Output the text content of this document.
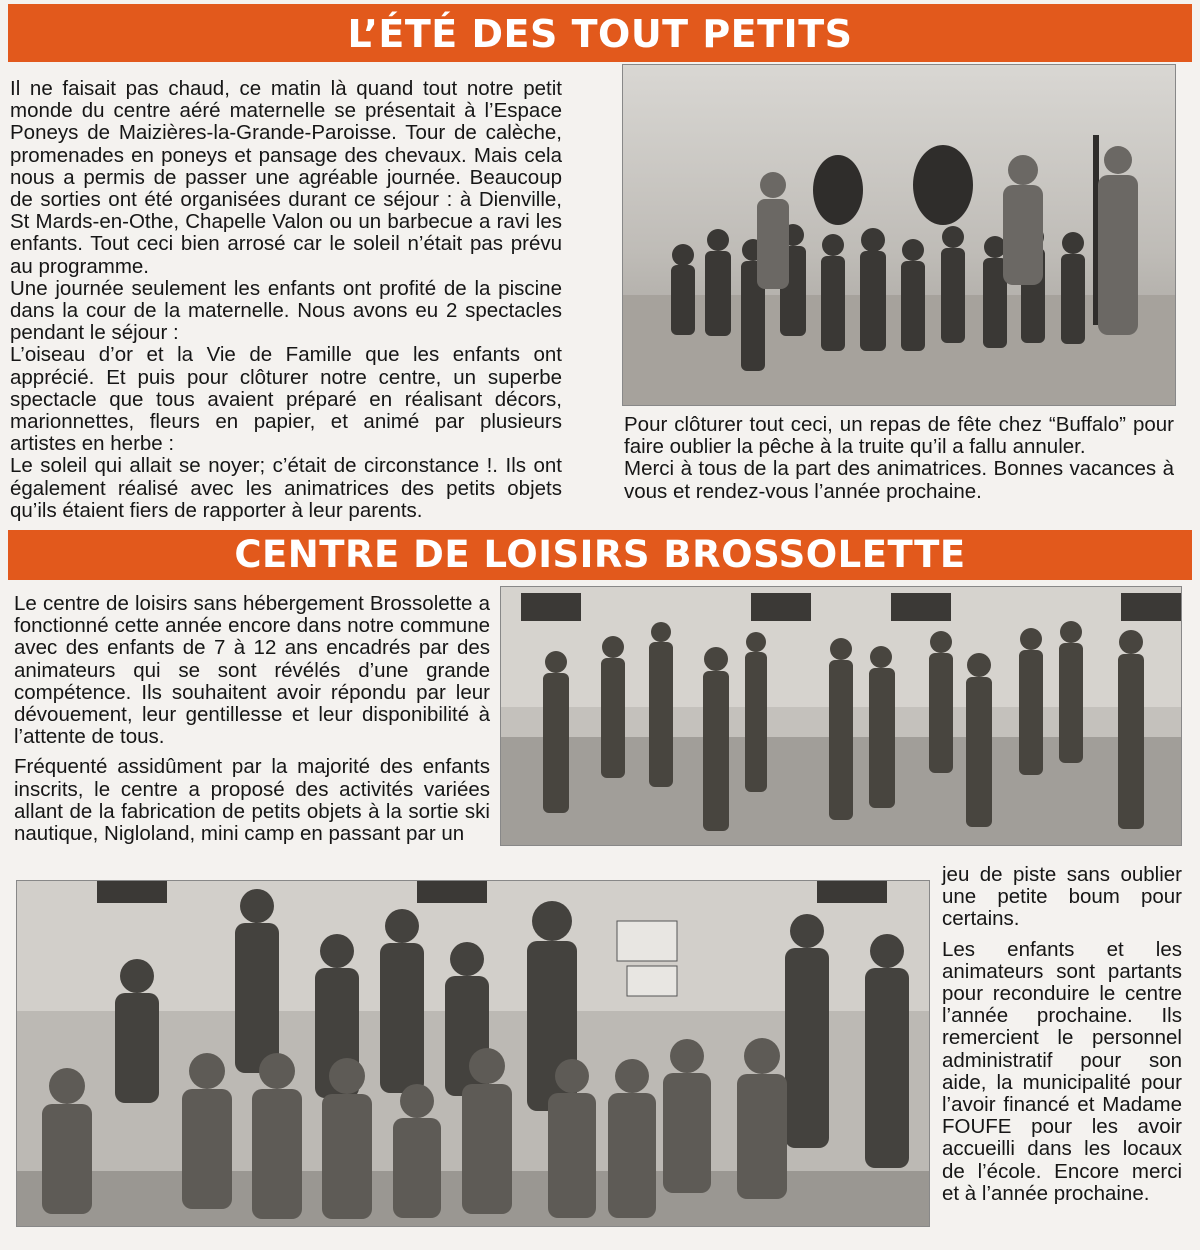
L’ÉTÉ DES TOUT PETITS

Il ne faisait pas chaud, ce matin là quand tout notre petit monde du centre aéré maternelle se présentait à l’Espace Poneys de Maizières-la-Grande-Paroisse. Tour de calèche, promenades en poneys et pansage des chevaux. Mais cela nous a permis de passer une agréable journée. Beaucoup de sorties ont été organisées durant ce séjour : à Dienville, St Mards-en-Othe, Chapelle Valon ou un barbecue a ravi les enfants. Tout ceci bien arrosé car le soleil n’était pas prévu au programme.

Une journée seulement les enfants ont profité de la piscine dans la cour de la maternelle. Nous avons eu 2 spectacles pendant le séjour :

L’oiseau d’or et la Vie de Famille que les enfants ont apprécié. Et puis pour clôturer notre centre, un superbe spectacle que tous avaient préparé en réalisant décors, marionnettes, fleurs en papier, et animé par plusieurs artistes en herbe :

Le soleil qui allait se noyer; c’était de circonstance !. Ils ont également réalisé avec les animatrices des petits objets qu’ils étaient fiers de rapporter à leur parents.

Pour clôturer tout ceci, un repas de fête chez “Buffalo” pour faire oublier la pêche à la truite qu’il a fallu annuler.

Merci à tous de la part des animatrices. Bonnes vacances à vous et rendez-vous l’année prochaine.

CENTRE DE LOISIRS BROSSOLETTE

Le centre de loisirs sans hébergement Brossolette a fonctionné cette année encore dans notre commune avec des enfants de 7 à 12 ans encadrés par des animateurs qui se sont révélés d’une grande compétence. Ils souhaitent avoir répondu par leur dévouement, leur gentillesse et leur disponibilité à l’attente de tous.

Fréquenté assidûment par la majorité des enfants inscrits, le centre a proposé des activités variées allant de la fabrication de petits objets à la sortie ski nautique, Nigloland, mini camp en passant par un

jeu de piste sans oublier une petite boum pour certains.

Les enfants et les animateurs sont partants pour reconduire le centre l’année prochaine. Ils remercient le personnel administratif pour son aide, la municipalité pour l’avoir financé et Madame FOUFE pour les avoir accueilli dans les locaux de l’école. Encore merci et à l’année prochaine.
